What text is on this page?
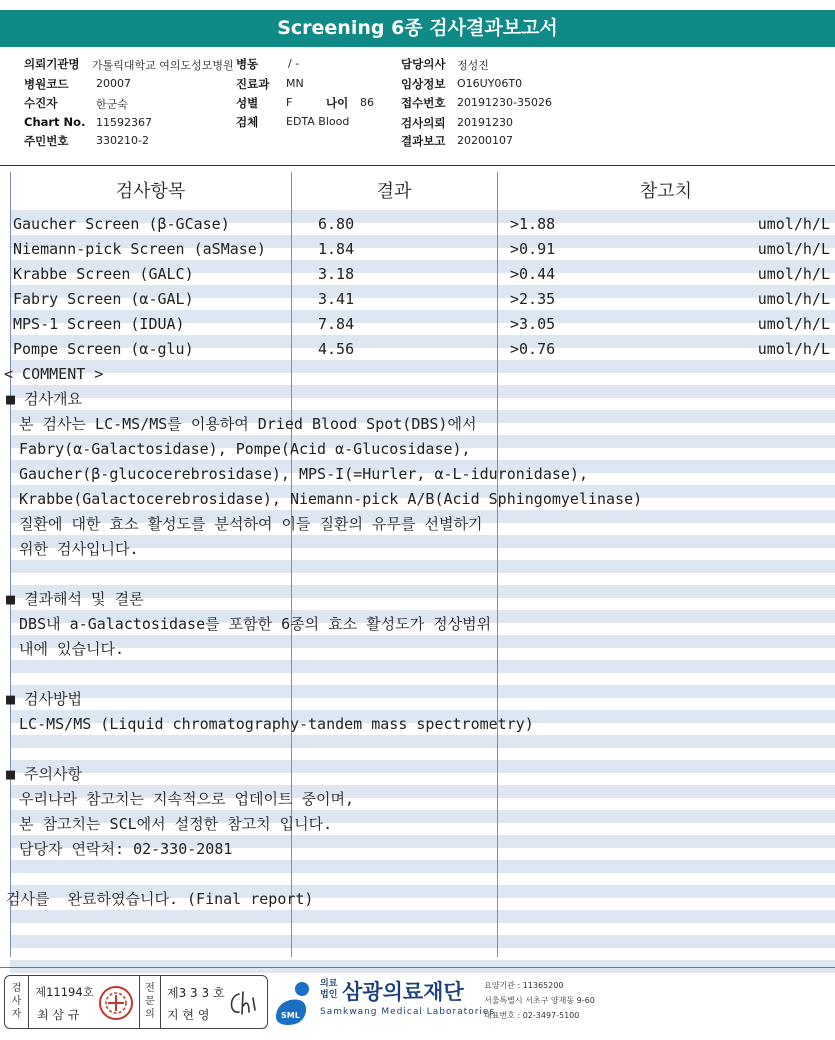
Screening 6종 검사결과보고서
의뢰기관명 가톨릭대학교 여의도성모병원 병동	/ -	담당의사 정성진
병원코드	20007	진료과 MN	임상정보 O16UY06T0
수진자	한군숙	성별	F	나이 86 접수번호 20191230-35026
Chart No. 11592367	검체	EDTA Blood	검사의뢰 20191230
주민번호	330210-2	결과보고 20200107
검사항목	결과	참고치
Gaucher Screen (β-GCase)	6.80	>1.88	umol/h/L
Niemann-pick Screen (aSMase)	1.84	>0.91	umol/h/L
Krabbe Screen (GALC)	3.18	>0.44	umol/h/L
Fabry Screen (α-GAL)	3.41	>2.35	umol/h/L
MPS-1 Screen (IDUA)	7.84	>3.05	umol/h/L
Pompe Screen (α-glu)	4.56	>0.76	umol/h/L
< COMMENT >
■ 검사개요
본 검사는 LC-MS/MS를 이용하여 Dried Blood Spot(DBS)에서
Fabry(α-Galactosidase), Pompe(Acid α-Glucosidase),
Gaucher(β-glucocerebrosidase), MPS-I(=Hurler, α-L-iduronidase),
Krabbe(Galactocerebrosidase), Niemann-pick A/B(Acid Sphingomyelinase)
질환에 대한 효소 활성도를 분석하여 이들 질환의 유무를 선별하기
위한 검사입니다.
■ 결과해석 및 결론
DBS내 a-Galactosidase를 포함한 6종의 효소 활성도가 정상범위
내에 있습니다.
■ 검사방법
LC-MS/MS (Liquid chromatography-tandem mass spectrometry)
■ 주의사항
우리나라 참고치는 지속적으로 업데이트 중이며,
본 참고치는 SCL에서 설정한 참고치 입니다.
담당자 연락처: 02-330-2081
검사를  완료하였습니다. (Final report)
검
사
자
제11194호
최 삼 규
전
문
의
제3 3 3 호
지 현 영	SML
의료법인 삼광의료재단
Samkwang Medical Laboratories
요양기관 : 11365200
서울특별시 서초구 양재동 9-60
대표번호 : 02-3497-5100
